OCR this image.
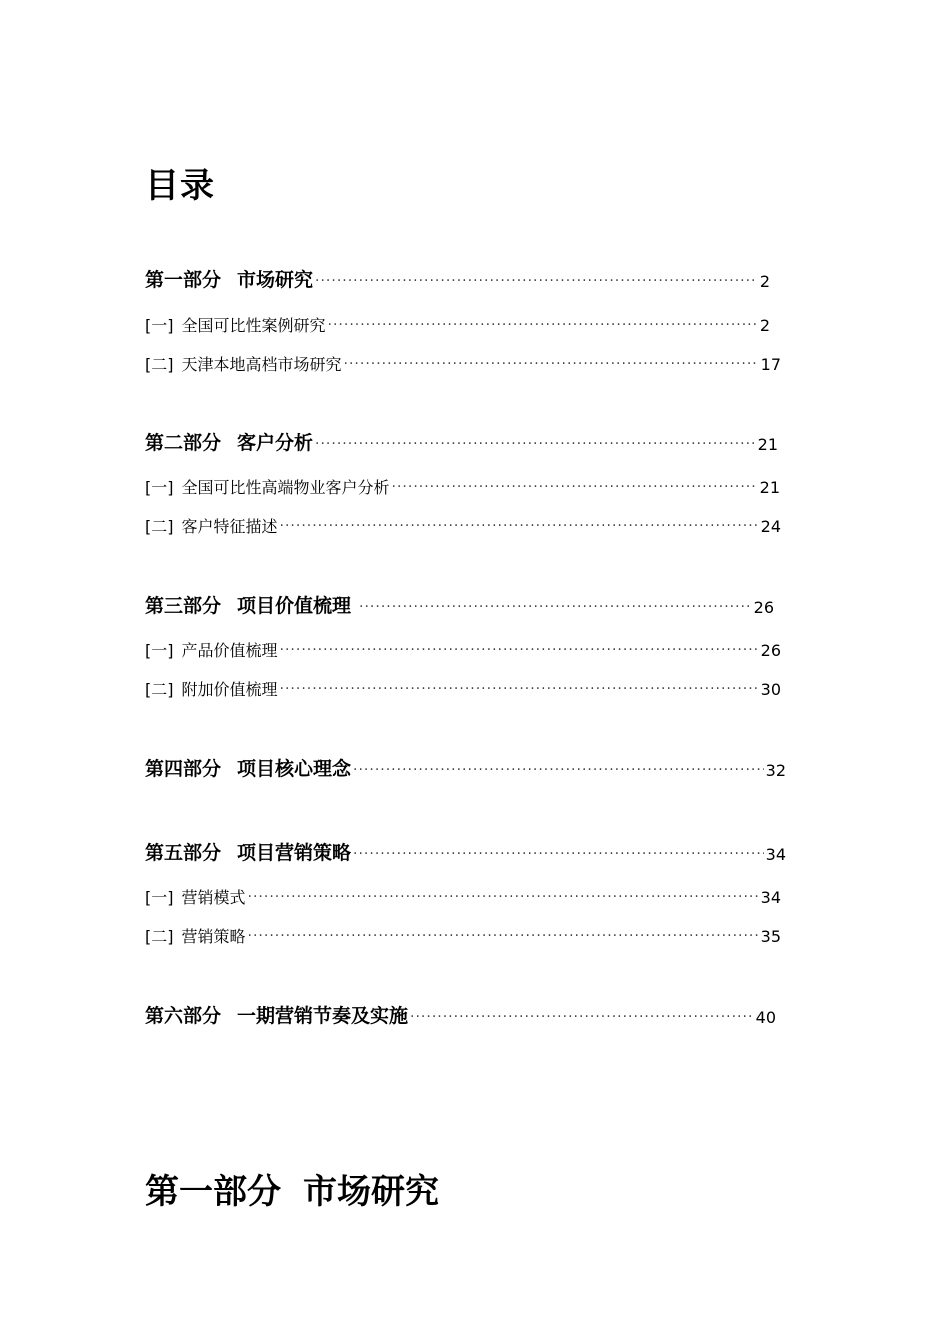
目录
第一部分 市场研究 ·····	2
[一] 全国可比性案例研究 ·····	2
[二] 天津本地高档市场研究 ·····	17
第二部分 客户分析 ·····	21
[一] 全国可比性高端物业客户分析 ·····	21
[二] 客户特征描述 ·····	24
第三部分 项目价值梳理 ·····	26
[一] 产品价值梳理 ·····	26
[二] 附加价值梳理 ·····	30
第四部分 项目核心理念 ·····	32
第五部分 项目营销策略 ·····	34
[一] 营销模式 ·····	34
[二] 营销策略 ·····	35
第六部分 一期营销节奏及实施 ·····	40
第一部分 市场研究
